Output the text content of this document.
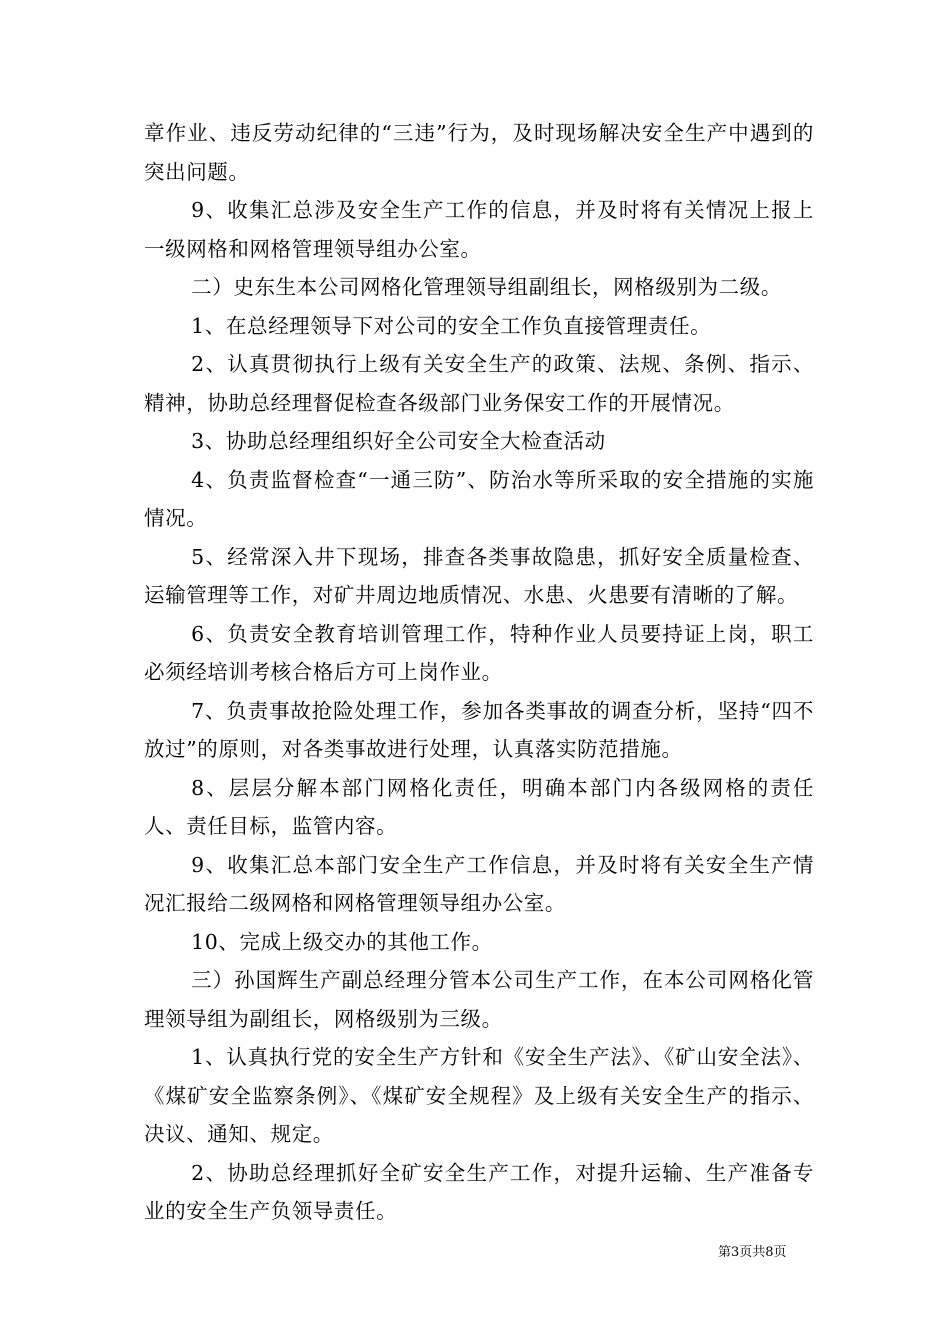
章作业、违反劳动纪律的“三违”行为，及时现场解决安全生产中遇到的突出问题。

9、收集汇总涉及安全生产工作的信息，并及时将有关情况上报上一级网格和网格管理领导组办公室。

二）史东生本公司网格化管理领导组副组长，网格级别为二级。

1、在总经理领导下对公司的安全工作负直接管理责任。

2、认真贯彻执行上级有关安全生产的政策、法规、条例、指示、精神，协助总经理督促检查各级部门业务保安工作的开展情况。

3、协助总经理组织好全公司安全大检查活动

4、负责监督检查“一通三防”、防治水等所采取的安全措施的实施情况。

5、经常深入井下现场，排查各类事故隐患，抓好安全质量检查、运输管理等工作，对矿井周边地质情况、水患、火患要有清晰的了解。

6、负责安全教育培训管理工作，特种作业人员要持证上岗，职工必须经培训考核合格后方可上岗作业。

7、负责事故抢险处理工作，参加各类事故的调查分析，坚持“四不放过”的原则，对各类事故进行处理，认真落实防范措施。

8、层层分解本部门网格化责任，明确本部门内各级网格的责任人、责任目标，监管内容。

9、收集汇总本部门安全生产工作信息，并及时将有关安全生产情况汇报给二级网格和网格管理领导组办公室。

10、完成上级交办的其他工作。

三）孙国辉生产副总经理分管本公司生产工作，在本公司网格化管理领导组为副组长，网格级别为三级。

1、认真执行党的安全生产方针和《安全生产法》、《矿山安全法》、《煤矿安全监察条例》、《煤矿安全规程》及上级有关安全生产的指示、决议、通知、规定。

2、协助总经理抓好全矿安全生产工作，对提升运输、生产准备专业的安全生产负领导责任。

第3页共8页
